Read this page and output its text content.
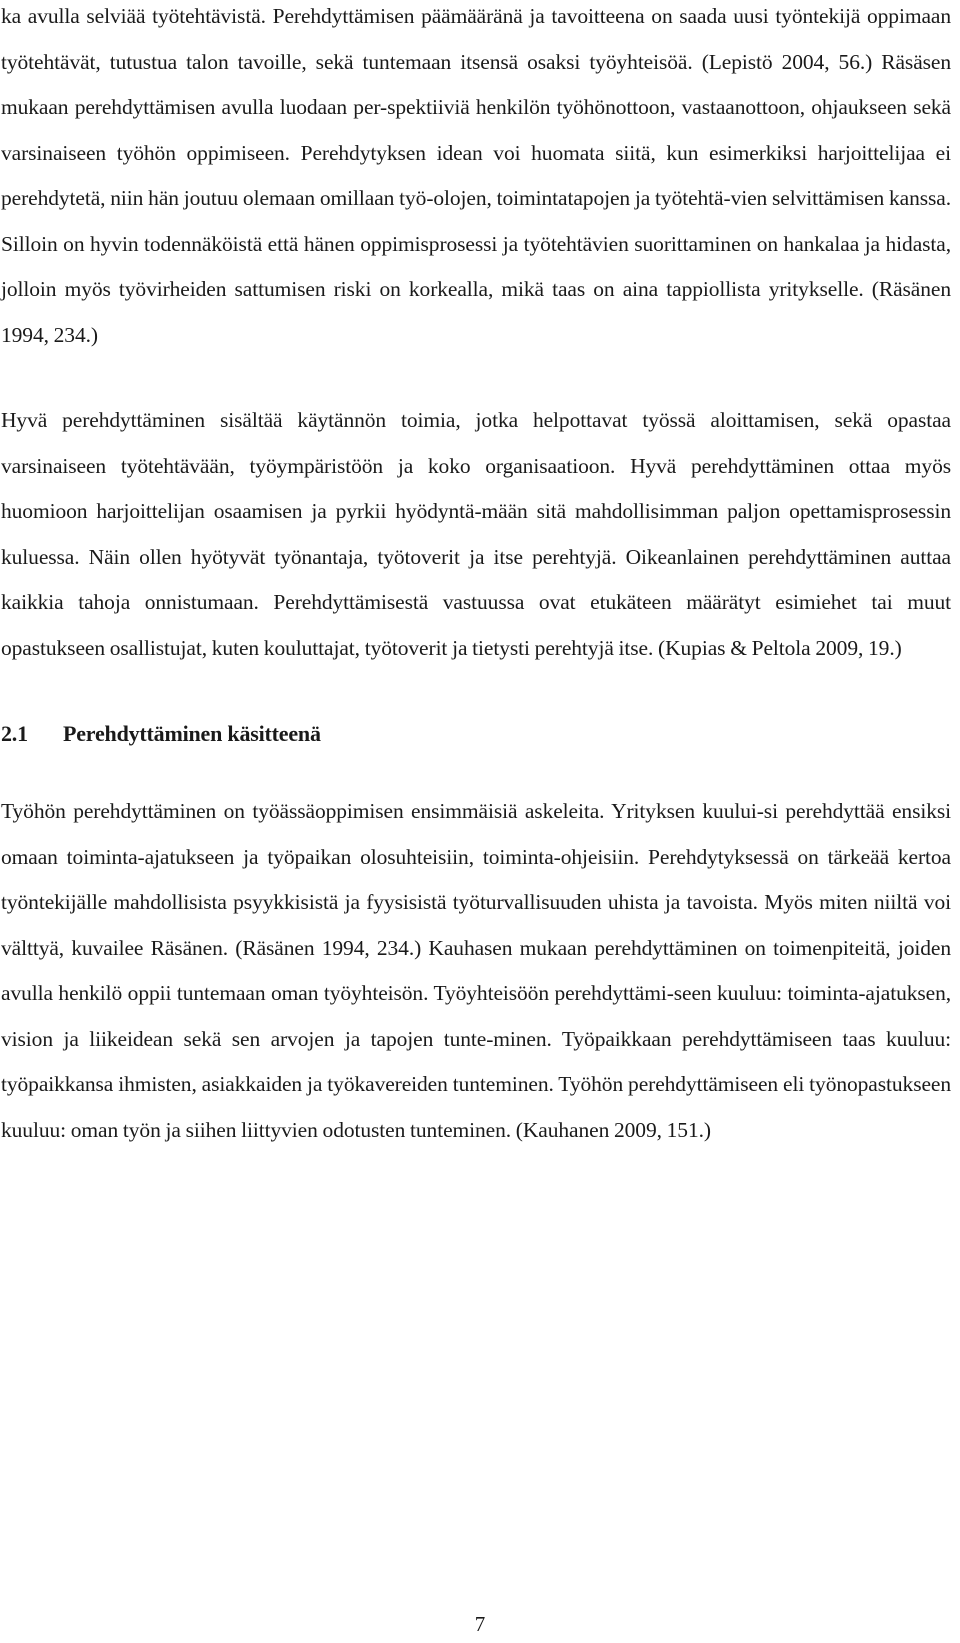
ka avulla selviää työtehtävistä. Perehdyttämisen päämääränä ja tavoitteena on saada uusi työntekijä oppimaan työtehtävät, tutustua talon tavoille, sekä tuntemaan itsensä osaksi työyhteisöä. (Lepistö 2004, 56.) Räsäsen mukaan perehdyttämisen avulla luodaan per-spektiiviä henkilön työhönottoon, vastaanottoon, ohjaukseen sekä varsinaiseen työhön oppimiseen. Perehdytyksen idean voi huomata siitä, kun esimerkiksi harjoittelijaa ei perehdytetä, niin hän joutuu olemaan omillaan työ-olojen, toimintatapojen ja työtehtä-vien selvittämisen kanssa. Silloin on hyvin todennäköistä että hänen oppimisprosessi ja työtehtävien suorittaminen on hankalaa ja hidasta, jolloin myös työvirheiden sattumisen riski on korkealla, mikä taas on aina tappiollista yritykselle. (Räsänen 1994, 234.)

Hyvä perehdyttäminen sisältää käytännön toimia, jotka helpottavat työssä aloittamisen, sekä opastaa varsinaiseen työtehtävään, työympäristöön ja koko organisaatioon. Hyvä perehdyttäminen ottaa myös huomioon harjoittelijan osaamisen ja pyrkii hyödyntä-mään sitä mahdollisimman paljon opettamisprosessin kuluessa. Näin ollen hyötyvät työnantaja, työtoverit ja itse perehtyjä. Oikeanlainen perehdyttäminen auttaa kaikkia tahoja onnistumaan. Perehdyttämisestä vastuussa ovat etukäteen määrätyt esimiehet tai muut opastukseen osallistujat, kuten kouluttajat, työtoverit ja tietysti perehtyjä itse. (Kupias & Peltola 2009, 19.)

2.1 Perehdyttäminen käsitteenä

Työhön perehdyttäminen on työässäoppimisen ensimmäisiä askeleita. Yrityksen kuului-si perehdyttää ensiksi omaan toiminta-ajatukseen ja työpaikan olosuhteisiin, toiminta-ohjeisiin. Perehdytyksessä on tärkeää kertoa työntekijälle mahdollisista psyykkisistä ja fyysisistä työturvallisuuden uhista ja tavoista. Myös miten niiltä voi välttyä, kuvailee Räsänen. (Räsänen 1994, 234.) Kauhasen mukaan perehdyttäminen on toimenpiteitä, joiden avulla henkilö oppii tuntemaan oman työyhteisön. Työyhteisöön perehdyttämi-seen kuuluu: toiminta-ajatuksen, vision ja liikeidean sekä sen arvojen ja tapojen tunte-minen. Työpaikkaan perehdyttämiseen taas kuuluu: työpaikkansa ihmisten, asiakkaiden ja työkavereiden tunteminen. Työhön perehdyttämiseen eli työnopastukseen kuuluu: oman työn ja siihen liittyvien odotusten tunteminen. (Kauhanen 2009, 151.)

7
